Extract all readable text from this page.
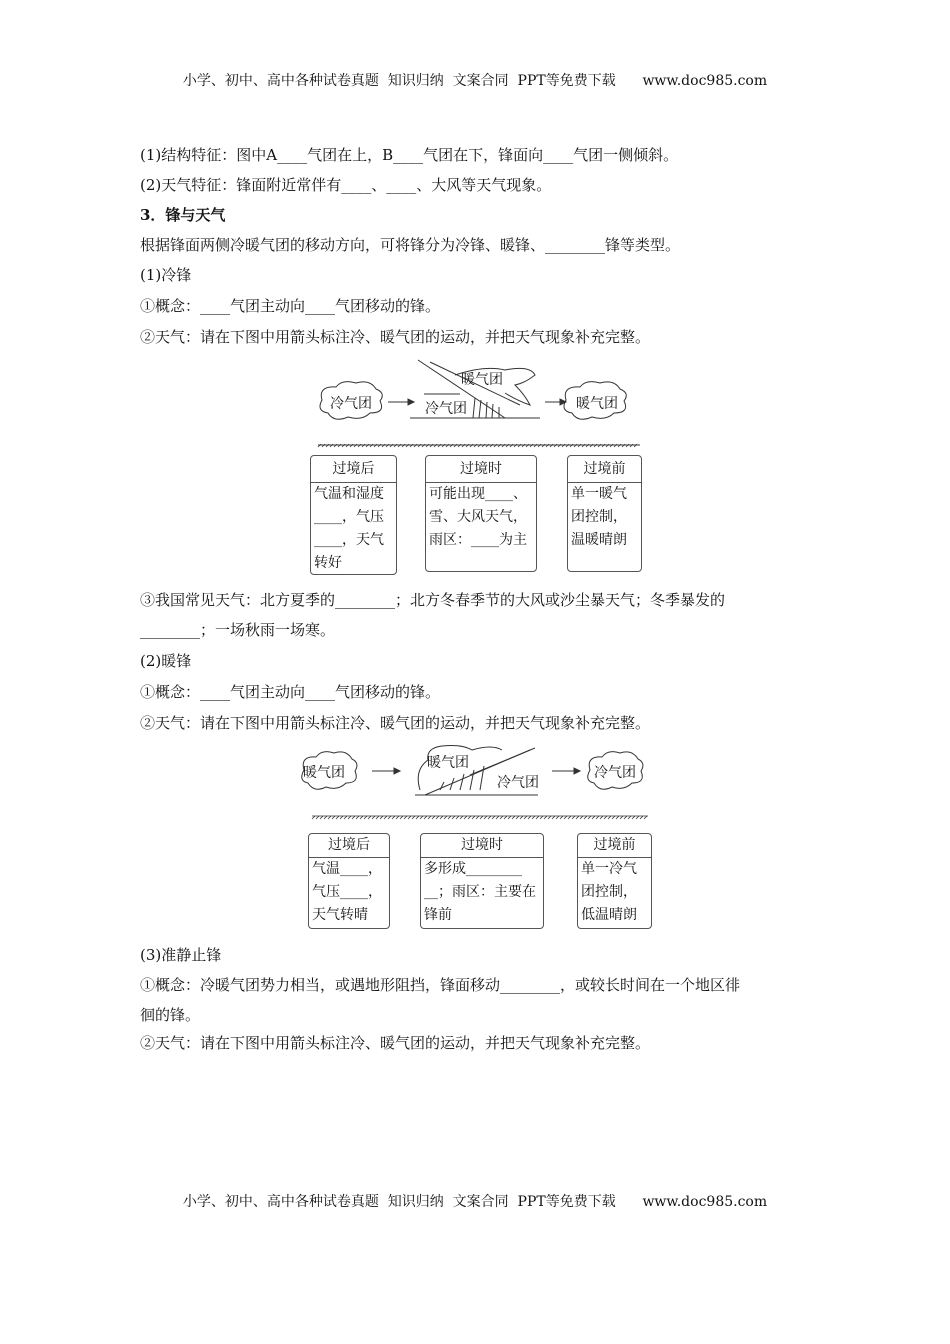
小学、初中、高中各种试卷真题  知识归纳  文案合同  PPT等免费下载      www.doc985.com
(1)结构特征：图中A____气团在上，B____气团在下，锋面向____气团一侧倾斜。
(2)天气特征：锋面附近常伴有____、____、大风等天气现象。
3．锋与天气
根据锋面两侧冷暖气团的移动方向，可将锋分为冷锋、暖锋、________锋等类型。
(1)冷锋
①概念：____气团主动向____气团移动的锋。
②天气：请在下图中用箭头标注冷、暖气团的运动，并把天气现象补充完整。
冷气团
暖气团
冷气团	暖气团
过境后
气温和湿度
____，气压
____，天气
转好
过境时
可能出现____、
雪、大风天气，
雨区：____为主
过境前
单一暖气
团控制，
温暖晴朗
③我国常见天气：北方夏季的________；北方冬春季节的大风或沙尘暴天气；冬季暴发的
________；一场秋雨一场寒。
(2)暖锋
①概念：____气团主动向____气团移动的锋。
②天气：请在下图中用箭头标注冷、暖气团的运动，并把天气现象补充完整。
暖气团
暖气团
冷气团
冷气团
过境后
气温____，
气压____，
天气转晴
过境时
多形成________
__；雨区：主要在
锋前
过境前
单一冷气
团控制，
低温晴朗
(3)准静止锋
①概念：冷暖气团势力相当，或遇地形阻挡，锋面移动________，或较长时间在一个地区徘
徊的锋。
②天气：请在下图中用箭头标注冷、暖气团的运动，并把天气现象补充完整。
小学、初中、高中各种试卷真题  知识归纳  文案合同  PPT等免费下载      www.doc985.com
